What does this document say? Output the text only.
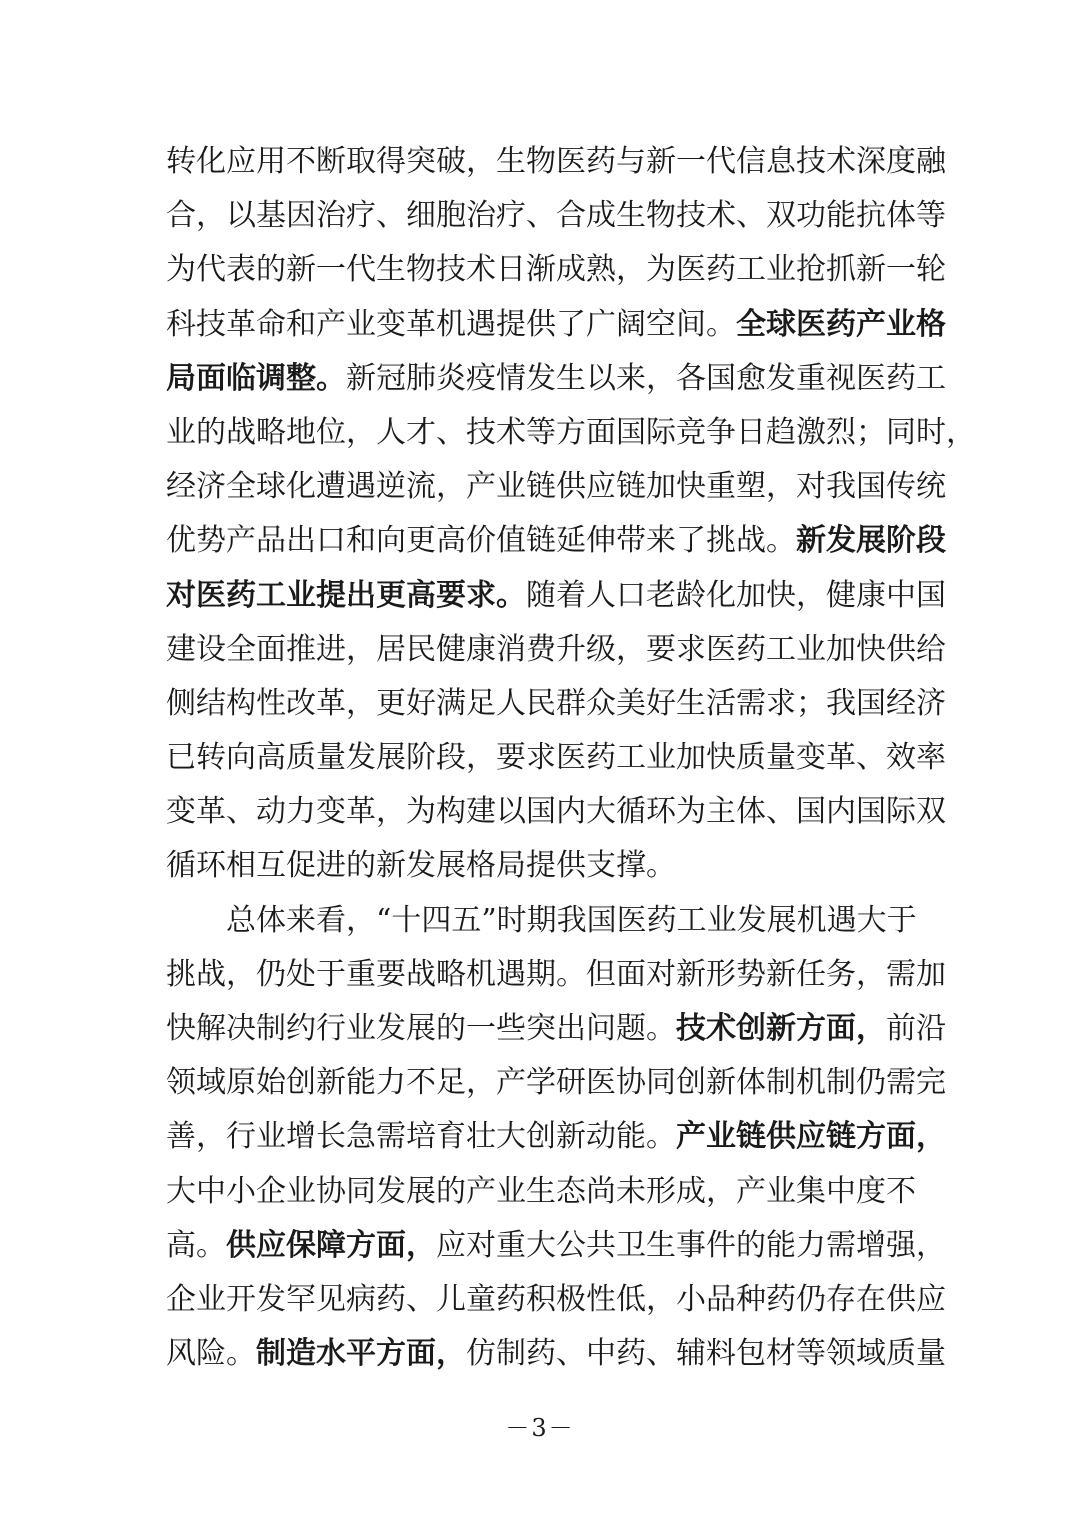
转化应用不断取得突破，生物医药与新一代信息技术深度融
合，以基因治疗、细胞治疗、合成生物技术、双功能抗体等
为代表的新一代生物技术日渐成熟，为医药工业抢抓新一轮
科技革命和产业变革机遇提供了广阔空间。全球医药产业格
局面临调整。新冠肺炎疫情发生以来，各国愈发重视医药工
业的战略地位，人才、技术等方面国际竞争日趋激烈；同时，
经济全球化遭遇逆流，产业链供应链加快重塑，对我国传统
优势产品出口和向更高价值链延伸带来了挑战。新发展阶段
对医药工业提出更高要求。随着人口老龄化加快，健康中国
建设全面推进，居民健康消费升级，要求医药工业加快供给
侧结构性改革，更好满足人民群众美好生活需求；我国经济
已转向高质量发展阶段，要求医药工业加快质量变革、效率
变革、动力变革，为构建以国内大循环为主体、国内国际双
循环相互促进的新发展格局提供支撑。
总体来看，“十四五”时期我国医药工业发展机遇大于
挑战，仍处于重要战略机遇期。但面对新形势新任务，需加
快解决制约行业发展的一些突出问题。技术创新方面，前沿
领域原始创新能力不足，产学研医协同创新体制机制仍需完
善，行业增长急需培育壮大创新动能。产业链供应链方面，
大中小企业协同发展的产业生态尚未形成，产业集中度不
高。供应保障方面，应对重大公共卫生事件的能力需增强，
企业开发罕见病药、儿童药积极性低，小品种药仍存在供应
风险。制造水平方面，仿制药、中药、辅料包材等领域质量
－3－
